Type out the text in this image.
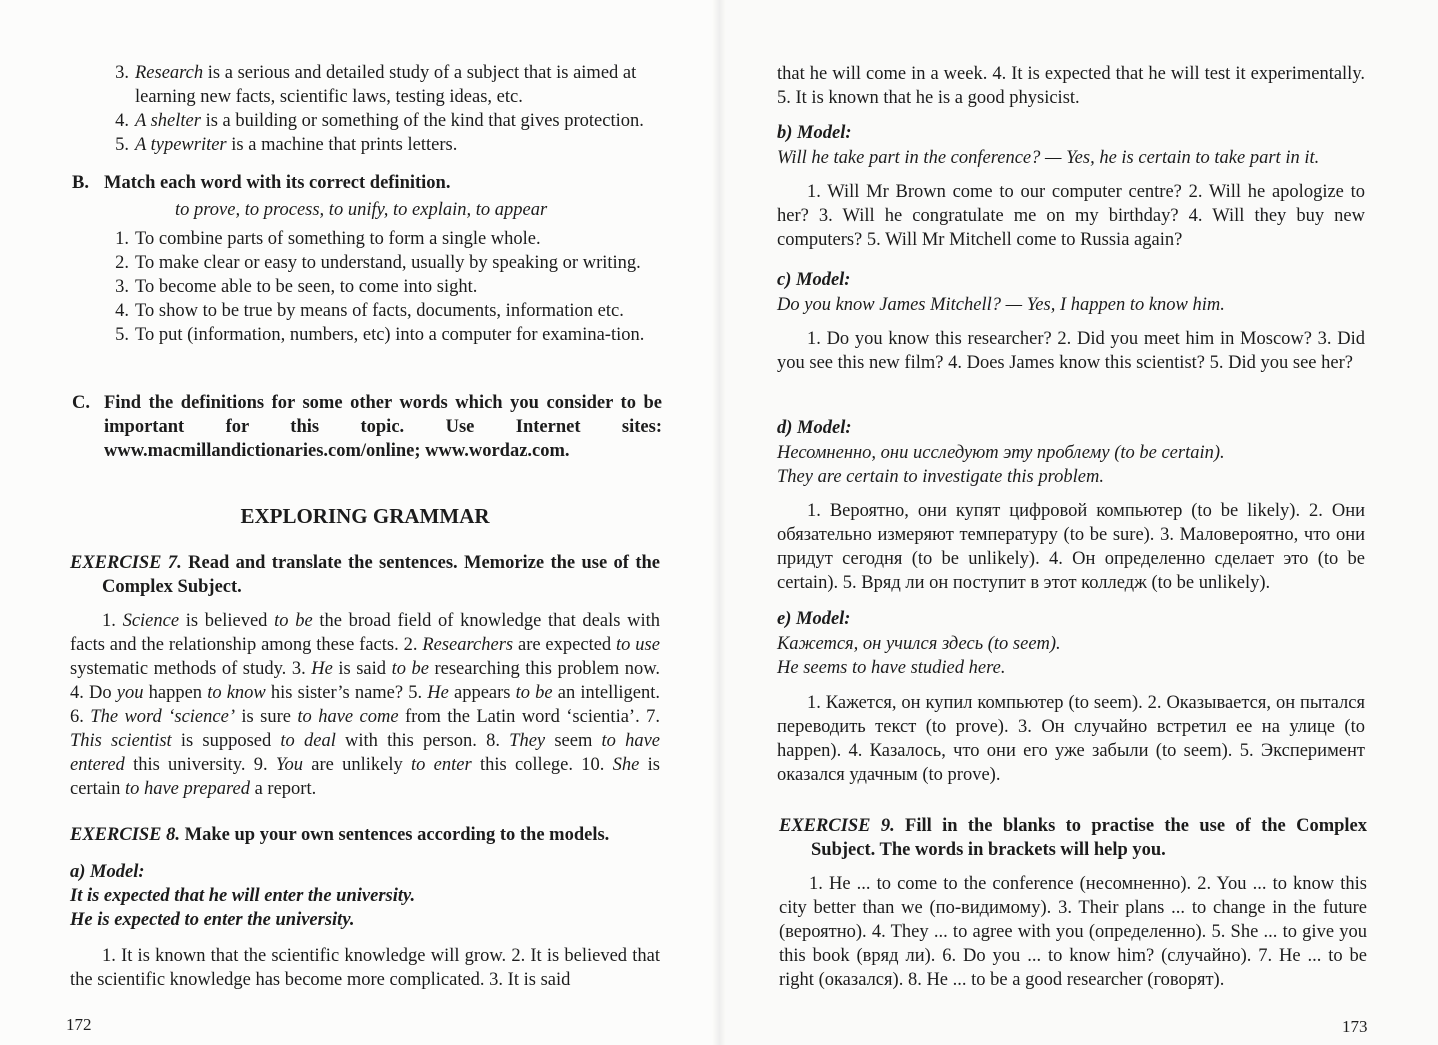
3. Research is a serious and detailed study of a subject that is aimed at learning new facts, scientific laws, testing ideas, etc.
4. A shelter is a building or something of the kind that gives protection.
5. A typewriter is a machine that prints letters.
B. Match each word with its correct definition.
to prove, to process, to unify, to explain, to appear
1. To combine parts of something to form a single whole.
2. To make clear or easy to understand, usually by speaking or writing.
3. To become able to be seen, to come into sight.
4. To show to be true by means of facts, documents, information etc.
5. To put (information, numbers, etc) into a computer for examina-tion.
C. Find the definitions for some other words which you consider to be important for this topic. Use Internet sites: www.macmillandictionaries.com/online; www.wordaz.com.
EXPLORING GRAMMAR
EXERCISE 7. Read and translate the sentences. Memorize the use of the Complex Subject.
1. Science is believed to be the broad field of knowledge that deals with facts and the relationship among these facts. 2. Researchers are expected to use systematic methods of study. 3. He is said to be researching this problem now. 4. Do you happen to know his sister’s name? 5. He appears to be an intelligent. 6. The word ‘science’ is sure to have come from the Latin word ‘scientia’. 7. This scientist is supposed to deal with this person. 8. They seem to have entered this university. 9. You are unlikely to enter this college. 10. She is certain to have prepared a report.
EXERCISE 8. Make up your own sentences according to the models.
a) Model:
It is expected that he will enter the university.
He is expected to enter the university.
1. It is known that the scientific knowledge will grow. 2. It is believed that the scientific knowledge has become more complicated. 3. It is said
172
that he will come in a week. 4. It is expected that he will test it experimentally. 5. It is known that he is a good physicist.
b) Model:
Will he take part in the conference? — Yes, he is certain to take part in it.
1. Will Mr Brown come to our computer centre? 2. Will he apologize to her? 3. Will he congratulate me on my birthday? 4. Will they buy new computers? 5. Will Mr Mitchell come to Russia again?
c) Model:
Do you know James Mitchell? — Yes, I happen to know him.
1. Do you know this researcher? 2. Did you meet him in Moscow? 3. Did you see this new film? 4. Does James know this scientist? 5. Did you see her?
d) Model:
Несомненно, они исследуют эту проблему (to be certain).
They are certain to investigate this problem.
1. Вероятно, они купят цифровой компьютер (to be likely). 2. Они обязательно измеряют температуру (to be sure). 3. Маловероятно, что они придут сегодня (to be unlikely). 4. Он определенно сделает это (to be certain). 5. Вряд ли он поступит в этот колледж (to be unlikely).
e) Model:
Кажется, он учился здесь (to seem).
He seems to have studied here.
1. Кажется, он купил компьютер (to seem). 2. Оказывается, он пытался переводить текст (to prove). 3. Он случайно встретил ее на улице (to happen). 4. Казалось, что они его уже забыли (to seem). 5. Эксперимент оказался удачным (to prove).
EXERCISE 9. Fill in the blanks to practise the use of the Complex Subject. The words in brackets will help you.
1. He ... to come to the conference (несомненно). 2. You ... to know this city better than we (по-видимому). 3. Their plans ... to change in the future (вероятно). 4. They ... to agree with you (определенно). 5. She ... to give you this book (вряд ли). 6. Do you ... to know him? (случайно). 7. He ... to be right (оказался). 8. He ... to be a good researcher (говорят).
173
